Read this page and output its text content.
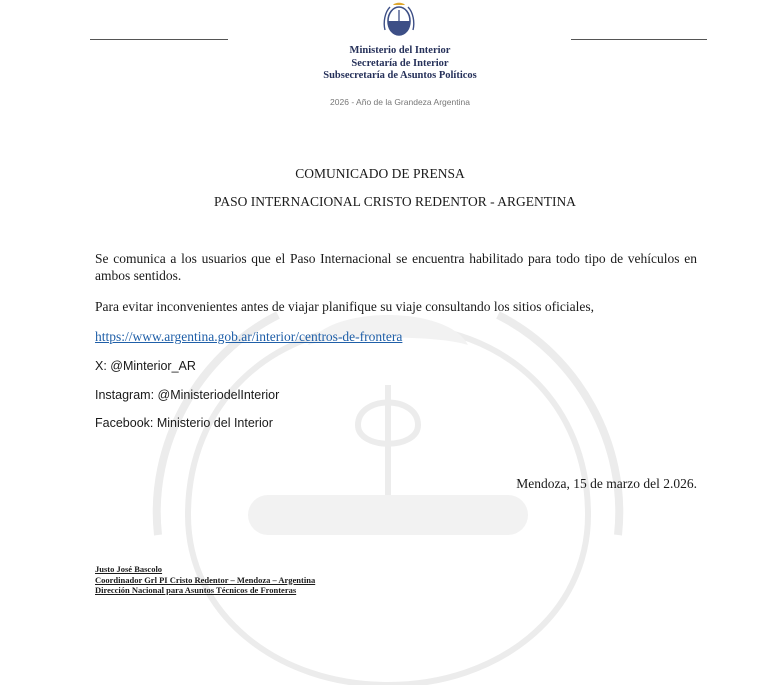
Ministerio del Interior
Secretaría de Interior
Subsecretaría de Asuntos Políticos
2026 - Año de la Grandeza Argentina
COMUNICADO DE PRENSA
PASO INTERNACIONAL CRISTO REDENTOR - ARGENTINA
Se comunica a los usuarios que el Paso Internacional se encuentra habilitado para todo tipo de vehículos en ambos sentidos.
Para evitar inconvenientes antes de viajar planifique su viaje consultando los sitios oficiales,
https://www.argentina.gob.ar/interior/centros-de-frontera
X: @Minterior_AR
Instagram: @MinisteriodelInterior
Facebook: Ministerio del Interior
Mendoza, 15 de marzo del 2.026.
Justo José Bascolo
Coordinador Grl PI Cristo Redentor – Mendoza – Argentina
Dirección Nacional para Asuntos Técnicos de Fronteras
